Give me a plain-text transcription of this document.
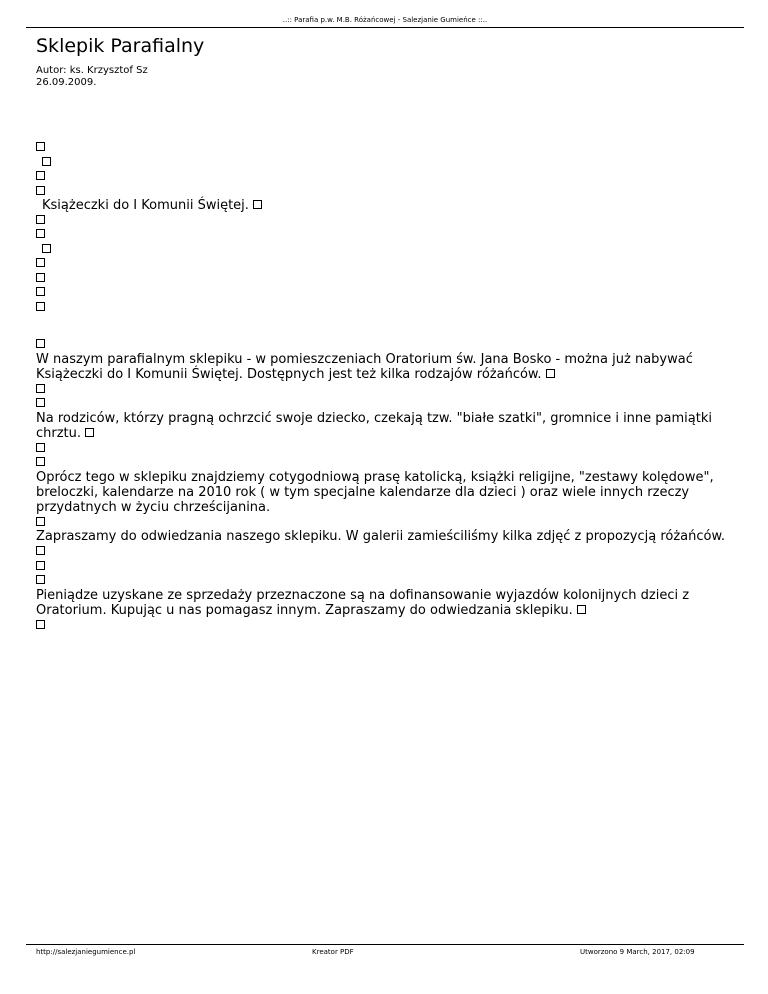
..:: Parafia p.w. M.B. Różańcowej - Salezjanie Gumieńce ::..
Sklepik Parafialny
Autor: ks. Krzysztof Sz
26.09.2009.
Książeczki do I Komunii Świętej.
W naszym parafialnym sklepiku - w pomieszczeniach Oratorium św. Jana Bosko - można już nabywać Książeczki do I Komunii Świętej. Dostępnych jest też kilka rodzajów różańców.
Na rodziców, którzy pragną ochrzcić swoje dziecko, czekają tzw. "białe szatki", gromnice i inne pamiątki chrztu.
Oprócz tego w sklepiku znajdziemy cotygodniową prasę katolicką, książki religijne, "zestawy kolędowe", breloczki, kalendarze na 2010 rok ( w tym specjalne kalendarze dla dzieci ) oraz wiele innych rzeczy przydatnych w życiu chrześcijanina.
Zapraszamy do odwiedzania naszego sklepiku. W galerii zamieściliśmy kilka zdjęć z propozycją różańców.
Pieniądze uzyskane ze sprzedaży przeznaczone są na dofinansowanie wyjazdów kolonijnych dzieci z Oratorium. Kupując u nas pomagasz innym. Zapraszamy do odwiedzania sklepiku.
http://salezjaniegumience.pl	Kreator PDF	Utworzono 9 March, 2017, 02:09
